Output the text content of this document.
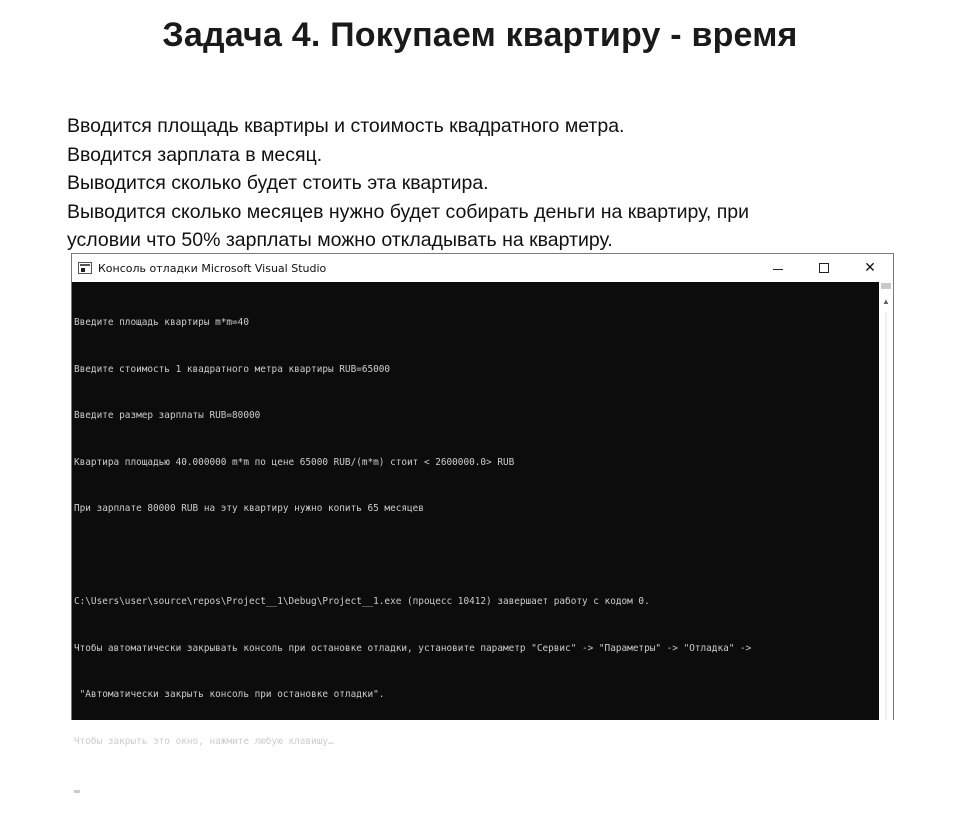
Задача 4. Покупаем квартиру - время
Вводится площадь квартиры и стоимость квадратного метра.
Вводится зарплата в месяц.
Выводится сколько будет стоить эта квартира.
Выводится сколько месяцев нужно будет собирать деньги на квартиру, при
условии что 50% зарплаты можно откладывать на квартиру.
Консоль отладки Microsoft Visual Studio	✕

Введите площадь квартиры m*m=40

Введите стоимость 1 квадратного метра квартиры RUB=65000

Введите размер зарплаты RUB=80000

Квартира площадью 40.000000 m*m по цене 65000 RUB/(m*m) стоит < 2600000.0> RUB

При зарплате 80000 RUB на эту квартиру нужно копить 65 месяцев

C:\Users\user\source\repos\Project__1\Debug\Project__1.exe (процесс 10412) завершает работу с кодом 0.

Чтобы автоматически закрывать консоль при остановке отладки, установите параметр "Сервис" -> "Параметры" -> "Отладка" ->

"Автоматически закрыть консоль при остановке отладки".

Чтобы закрыть это окно, нажмите любую клавишу…

▲
